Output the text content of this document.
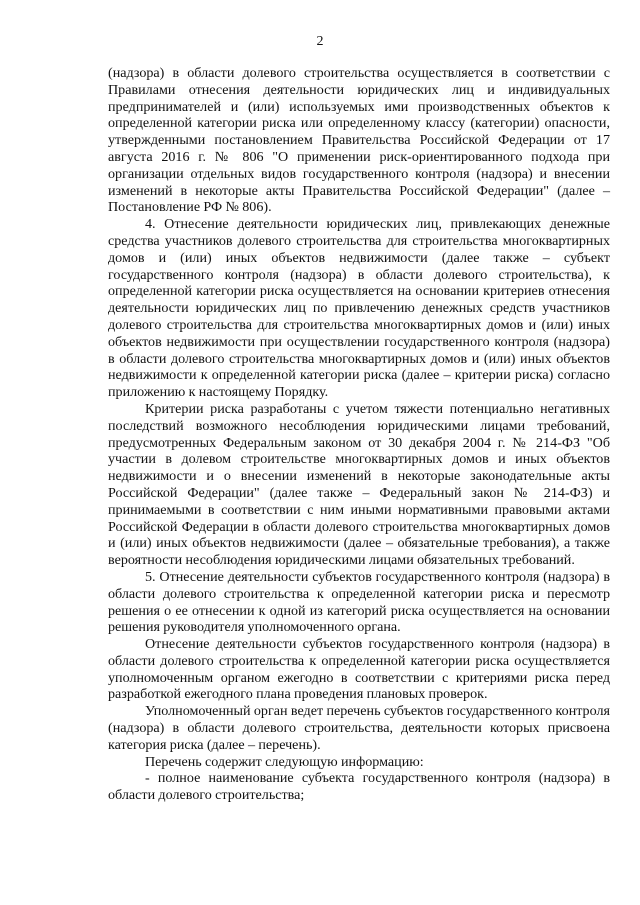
2

(надзора) в области долевого строительства осуществляется в соответствии с Правилами отнесения деятельности юридических лиц и индивидуальных предпринимателей и (или) используемых ими производственных объектов к определенной категории риска или определенному классу (категории) опасности, утвержденными постановлением Правительства Российской Федерации от 17 августа 2016 г. № 806 "О применении риск-ориентированного подхода при организации отдельных видов государственного контроля (надзора) и внесении изменений в некоторые акты Правительства Российской Федерации" (далее – Постановление РФ № 806).

4. Отнесение деятельности юридических лиц, привлекающих денежные средства участников долевого строительства для строительства многоквартирных домов и (или) иных объектов недвижимости (далее также – субъект государственного контроля (надзора) в области долевого строительства), к определенной категории риска осуществляется на основании критериев отнесения деятельности юридических лиц по привлечению денежных средств участников долевого строительства для строительства многоквартирных домов и (или) иных объектов недвижимости при осуществлении государственного контроля (надзора) в области долевого строительства многоквартирных домов и (или) иных объектов недвижимости к определенной категории риска (далее – критерии риска) согласно приложению к настоящему Порядку.

Критерии риска разработаны с учетом тяжести потенциально негативных последствий возможного несоблюдения юридическими лицами требований, предусмотренных Федеральным законом от 30 декабря 2004 г. № 214-ФЗ "Об участии в долевом строительстве многоквартирных домов и иных объектов недвижимости и о внесении изменений в некоторые законодательные акты Российской Федерации" (далее также – Федеральный закон № 214-ФЗ) и принимаемыми в соответствии с ним иными нормативными правовыми актами Российской Федерации в области долевого строительства многоквартирных домов и (или) иных объектов недвижимости (далее – обязательные требования), а также вероятности несоблюдения юридическими лицами обязательных требований.

5. Отнесение деятельности субъектов государственного контроля (надзора) в области долевого строительства к определенной категории риска и пересмотр решения о ее отнесении к одной из категорий риска осуществляется на основании решения руководителя уполномоченного органа.

Отнесение деятельности субъектов государственного контроля (надзора) в области долевого строительства к определенной категории риска осуществляется уполномоченным органом ежегодно в соответствии с критериями риска перед разработкой ежегодного плана проведения плановых проверок.

Уполномоченный орган ведет перечень субъектов государственного контроля (надзора) в области долевого строительства, деятельности которых присвоена категория риска (далее – перечень).

Перечень содержит следующую информацию:

- полное наименование субъекта государственного контроля (надзора) в области долевого строительства;
